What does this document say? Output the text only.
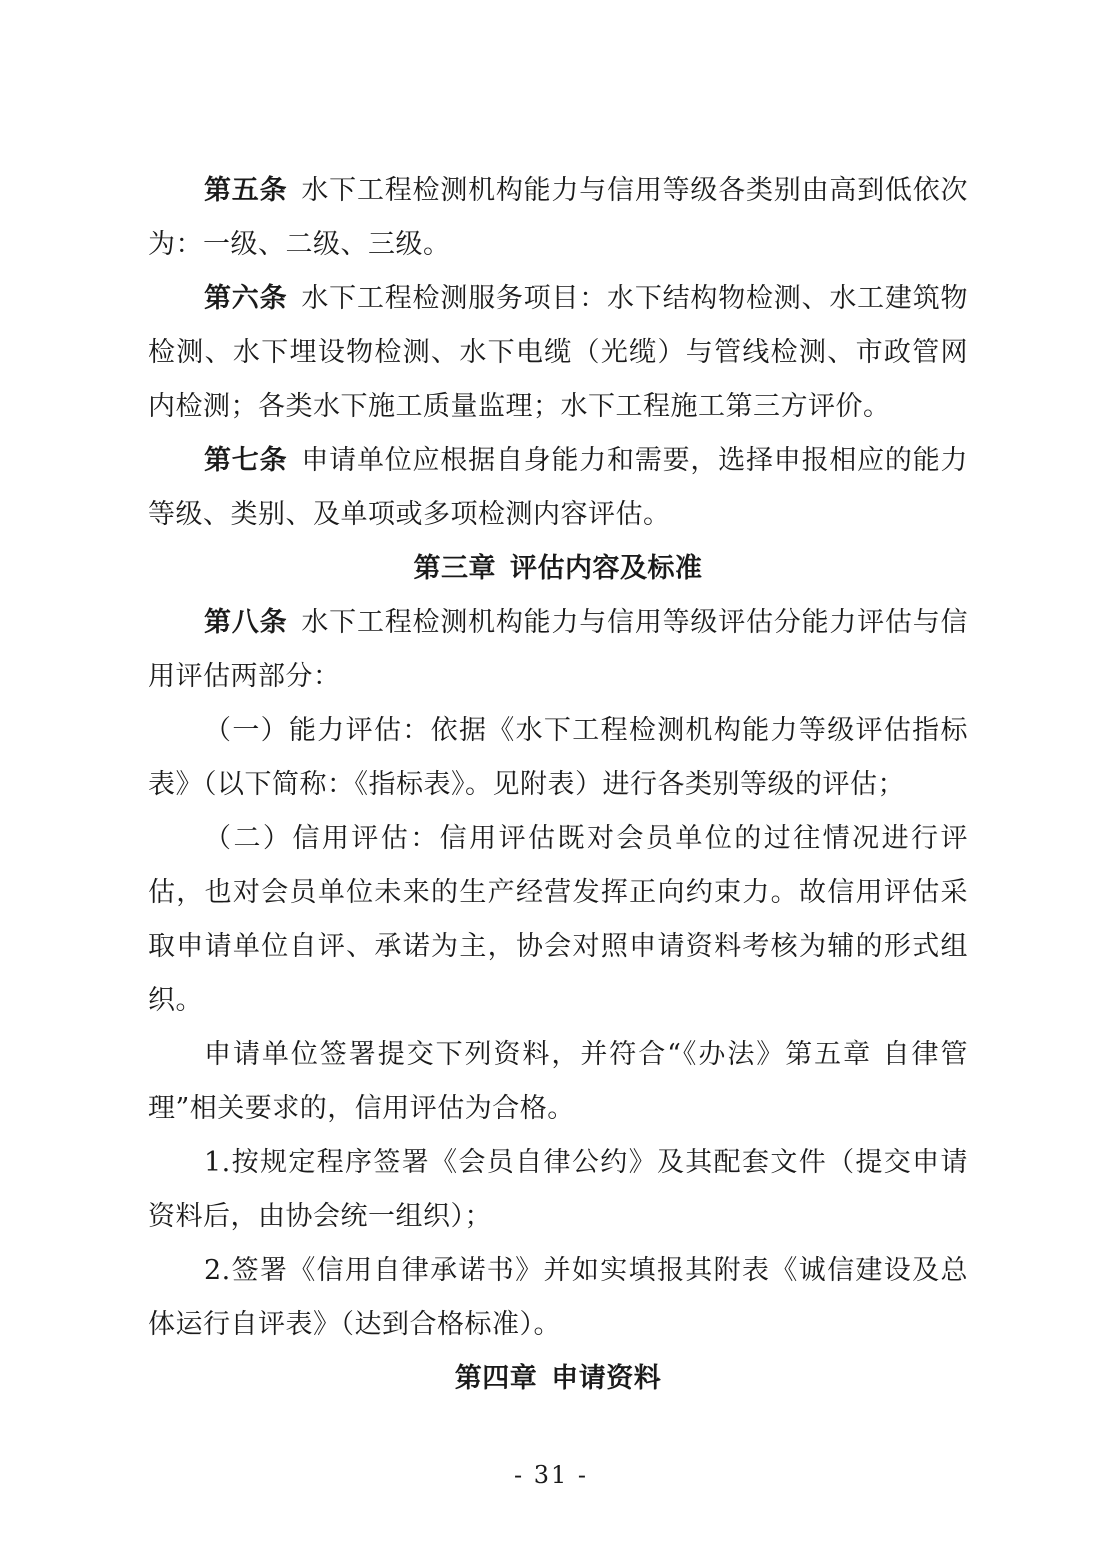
第五条 水下工程检测机构能力与信用等级各类别由高到低依次为：一级、二级、三级。

第六条 水下工程检测服务项目：水下结构物检测、水工建筑物检测、水下埋设物检测、水下电缆（光缆）与管线检测、市政管网内检测；各类水下施工质量监理；水下工程施工第三方评价。

第七条 申请单位应根据自身能力和需要，选择申报相应的能力等级、类别、及单项或多项检测内容评估。

第三章 评估内容及标准

第八条 水下工程检测机构能力与信用等级评估分能力评估与信用评估两部分：

（一）能力评估：依据《水下工程检测机构能力等级评估指标表》（以下简称：《指标表》。见附表）进行各类别等级的评估；

（二）信用评估：信用评估既对会员单位的过往情况进行评估，也对会员单位未来的生产经营发挥正向约束力。故信用评估采取申请单位自评、承诺为主，协会对照申请资料考核为辅的形式组织。

申请单位签署提交下列资料，并符合“《办法》第五章 自律管理”相关要求的，信用评估为合格。

1.按规定程序签署《会员自律公约》及其配套文件（提交申请资料后，由协会统一组织）；

2.签署《信用自律承诺书》并如实填报其附表《诚信建设及总体运行自评表》（达到合格标准）。

第四章 申请资料

- 31 -
